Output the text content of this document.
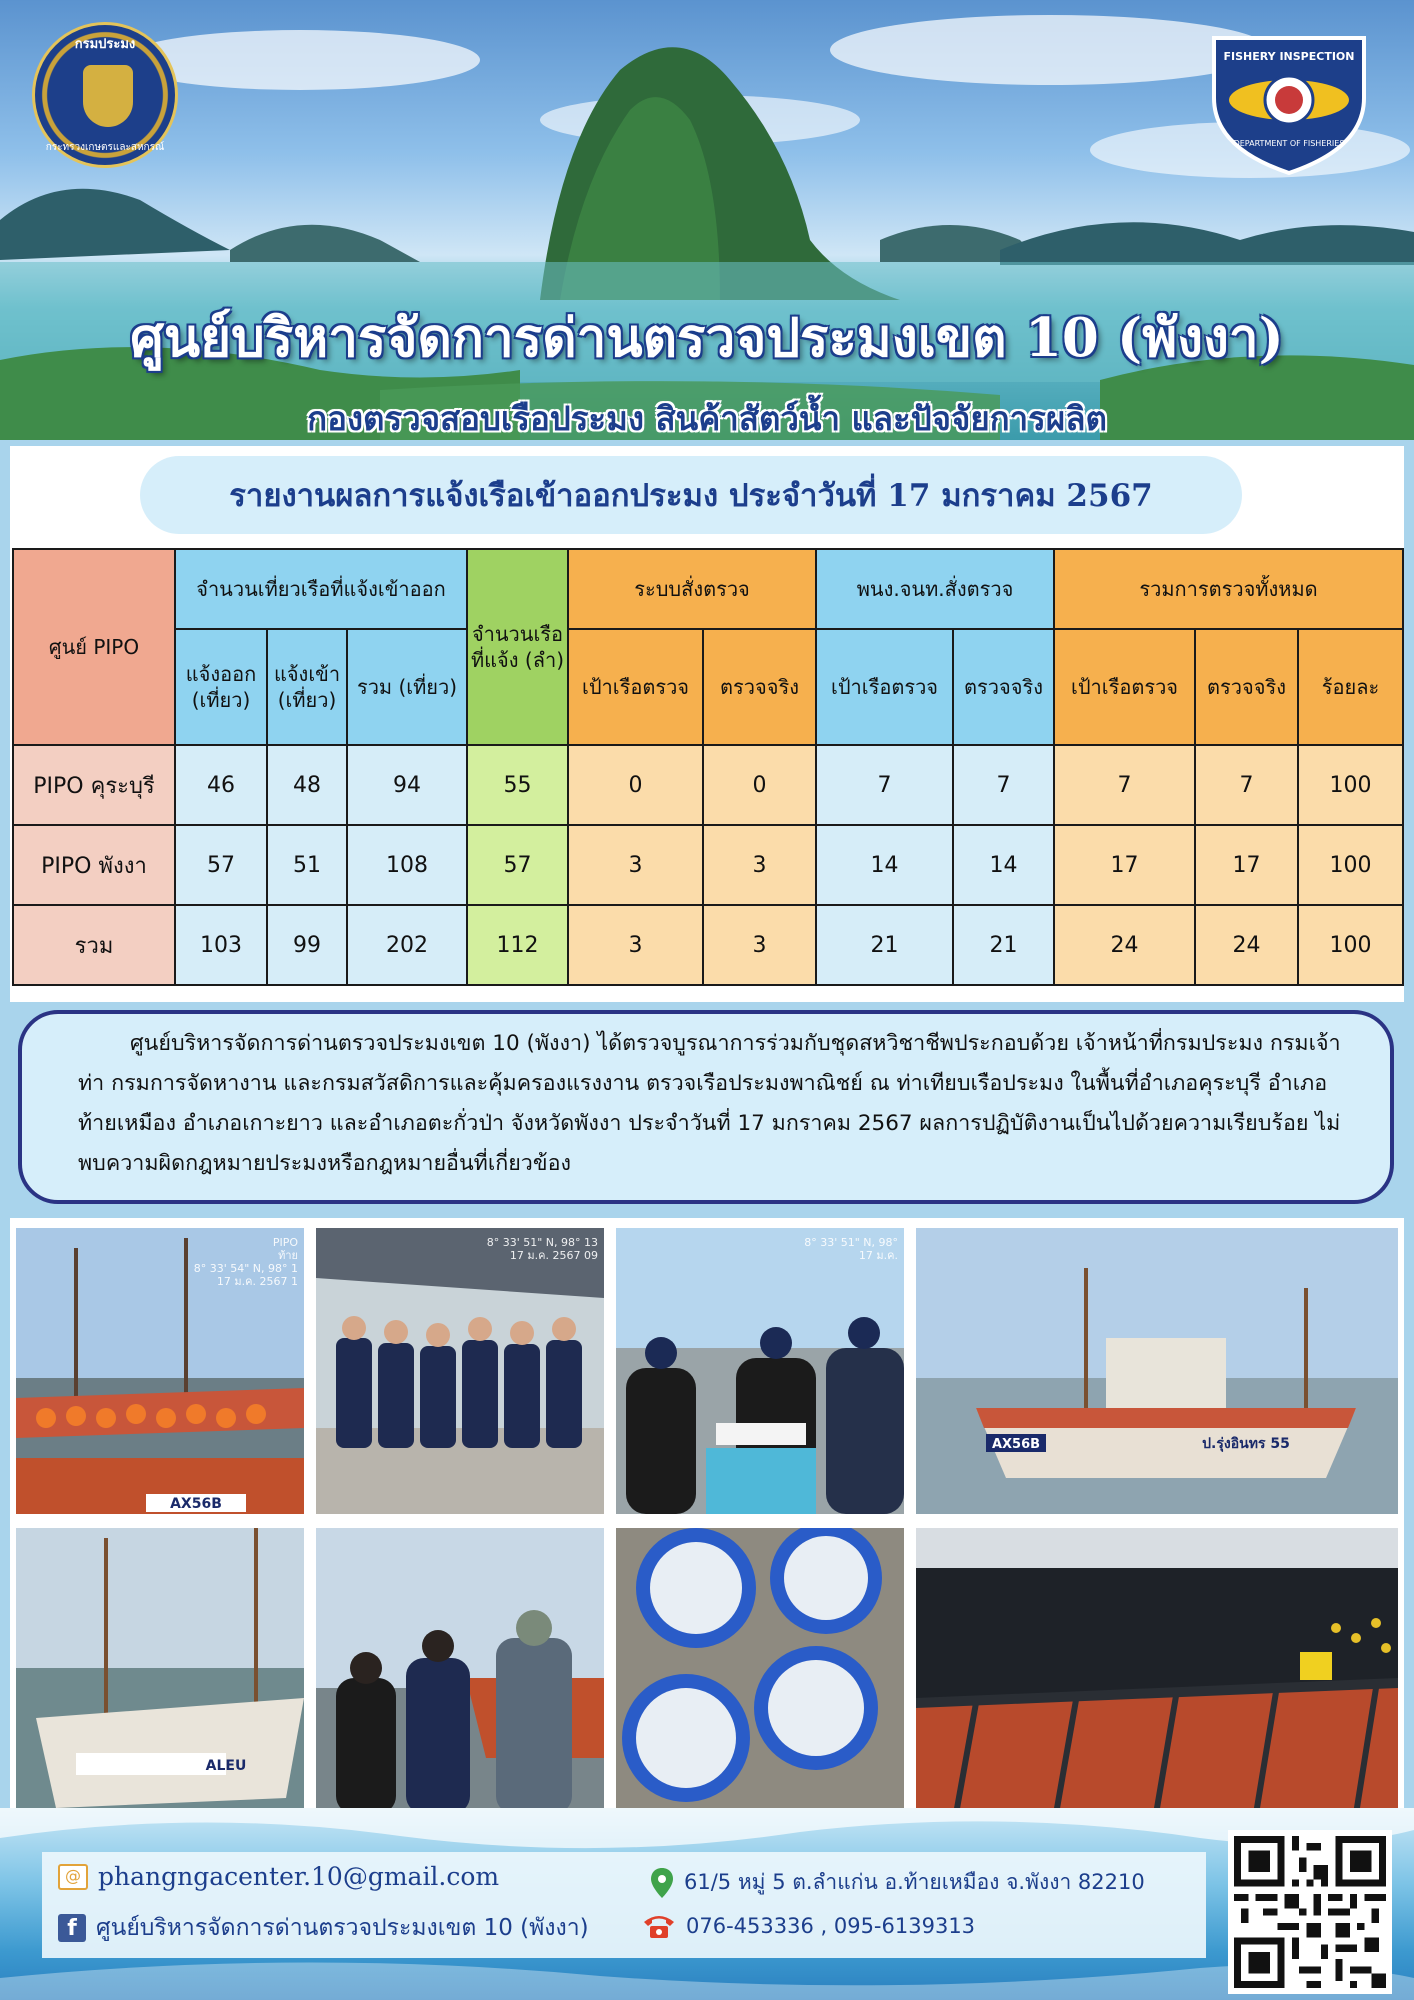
กรมประมง
กระทรวงเกษตรและสหกรณ์
FISHERY INSPECTION
DEPARTMENT OF FISHERIES
ศูนย์บริหารจัดการด่านตรวจประมงเขต 10 (พังงา)
กองตรวจสอบเรือประมง สินค้าสัตว์น้ำ และปัจจัยการผลิต
รายงานผลการแจ้งเรือเข้าออกประมง ประจำวันที่ 17 มกราคม 2567
ศูนย์ PIPO	จำนวนเที่ยวเรือที่แจ้งเข้าออก			จำนวนเรือที่แจ้ง (ลำ)	ระบบสั่งตรวจ		พนง.จนท.สั่งตรวจ		รวมการตรวจทั้งหมด		
	แจ้งออก (เที่ยว)	แจ้งเข้า (เที่ยว)	รวม (เที่ยว)		เป้าเรือตรวจ	ตรวจจริง	เป้าเรือตรวจ	ตรวจจริง	เป้าเรือตรวจ	ตรวจจริง	ร้อยละ
PIPO คุระบุรี	46	48	94	55	0	0	7	7	7	7	100
PIPO พังงา	57	51	108	57	3	3	14	14	17	17	100
รวม	103	99	202	112	3	3	21	21	24	24	100
ศูนย์บริหารจัดการด่านตรวจประมงเขต 10 (พังงา) ได้ตรวจบูรณาการร่วมกับชุดสหวิชาชีพประกอบด้วย เจ้าหน้าที่กรมประมง กรมเจ้าท่า กรมการจัดหางาน และกรมสวัสดิการและคุ้มครองแรงงาน ตรวจเรือประมงพาณิชย์ ณ ท่าเทียบเรือประมง ในพื้นที่อำเภอคุระบุรี อำเภอท้ายเหมือง อำเภอเกาะยาว และอำเภอตะกั่วป่า จังหวัดพังงา ประจำวันที่ 17 มกราคม 2567 ผลการปฏิบัติงานเป็นไปด้วยความเรียบร้อย ไม่พบความผิดกฎหมายประมงหรือกฎหมายอื่นที่เกี่ยวข้อง
AX56B
PIPO
ท้าย
8° 33' 54" N, 98° 1
17 ม.ค. 2567 1
8° 33' 51" N, 98° 13
17 ม.ค. 2567 09
8° 33' 51" N, 98°
17 ม.ค.
AX56B	ป.รุ่งอินทร 55
ALEU
@ phangngacenter.10@gmail.com
f ศูนย์บริหารจัดการด่านตรวจประมงเขต 10 (พังงา)
61/5 หมู่ 5 ต.ลำแก่น อ.ท้ายเหมือง จ.พังงา 82210
076-453336 , 095-6139313
